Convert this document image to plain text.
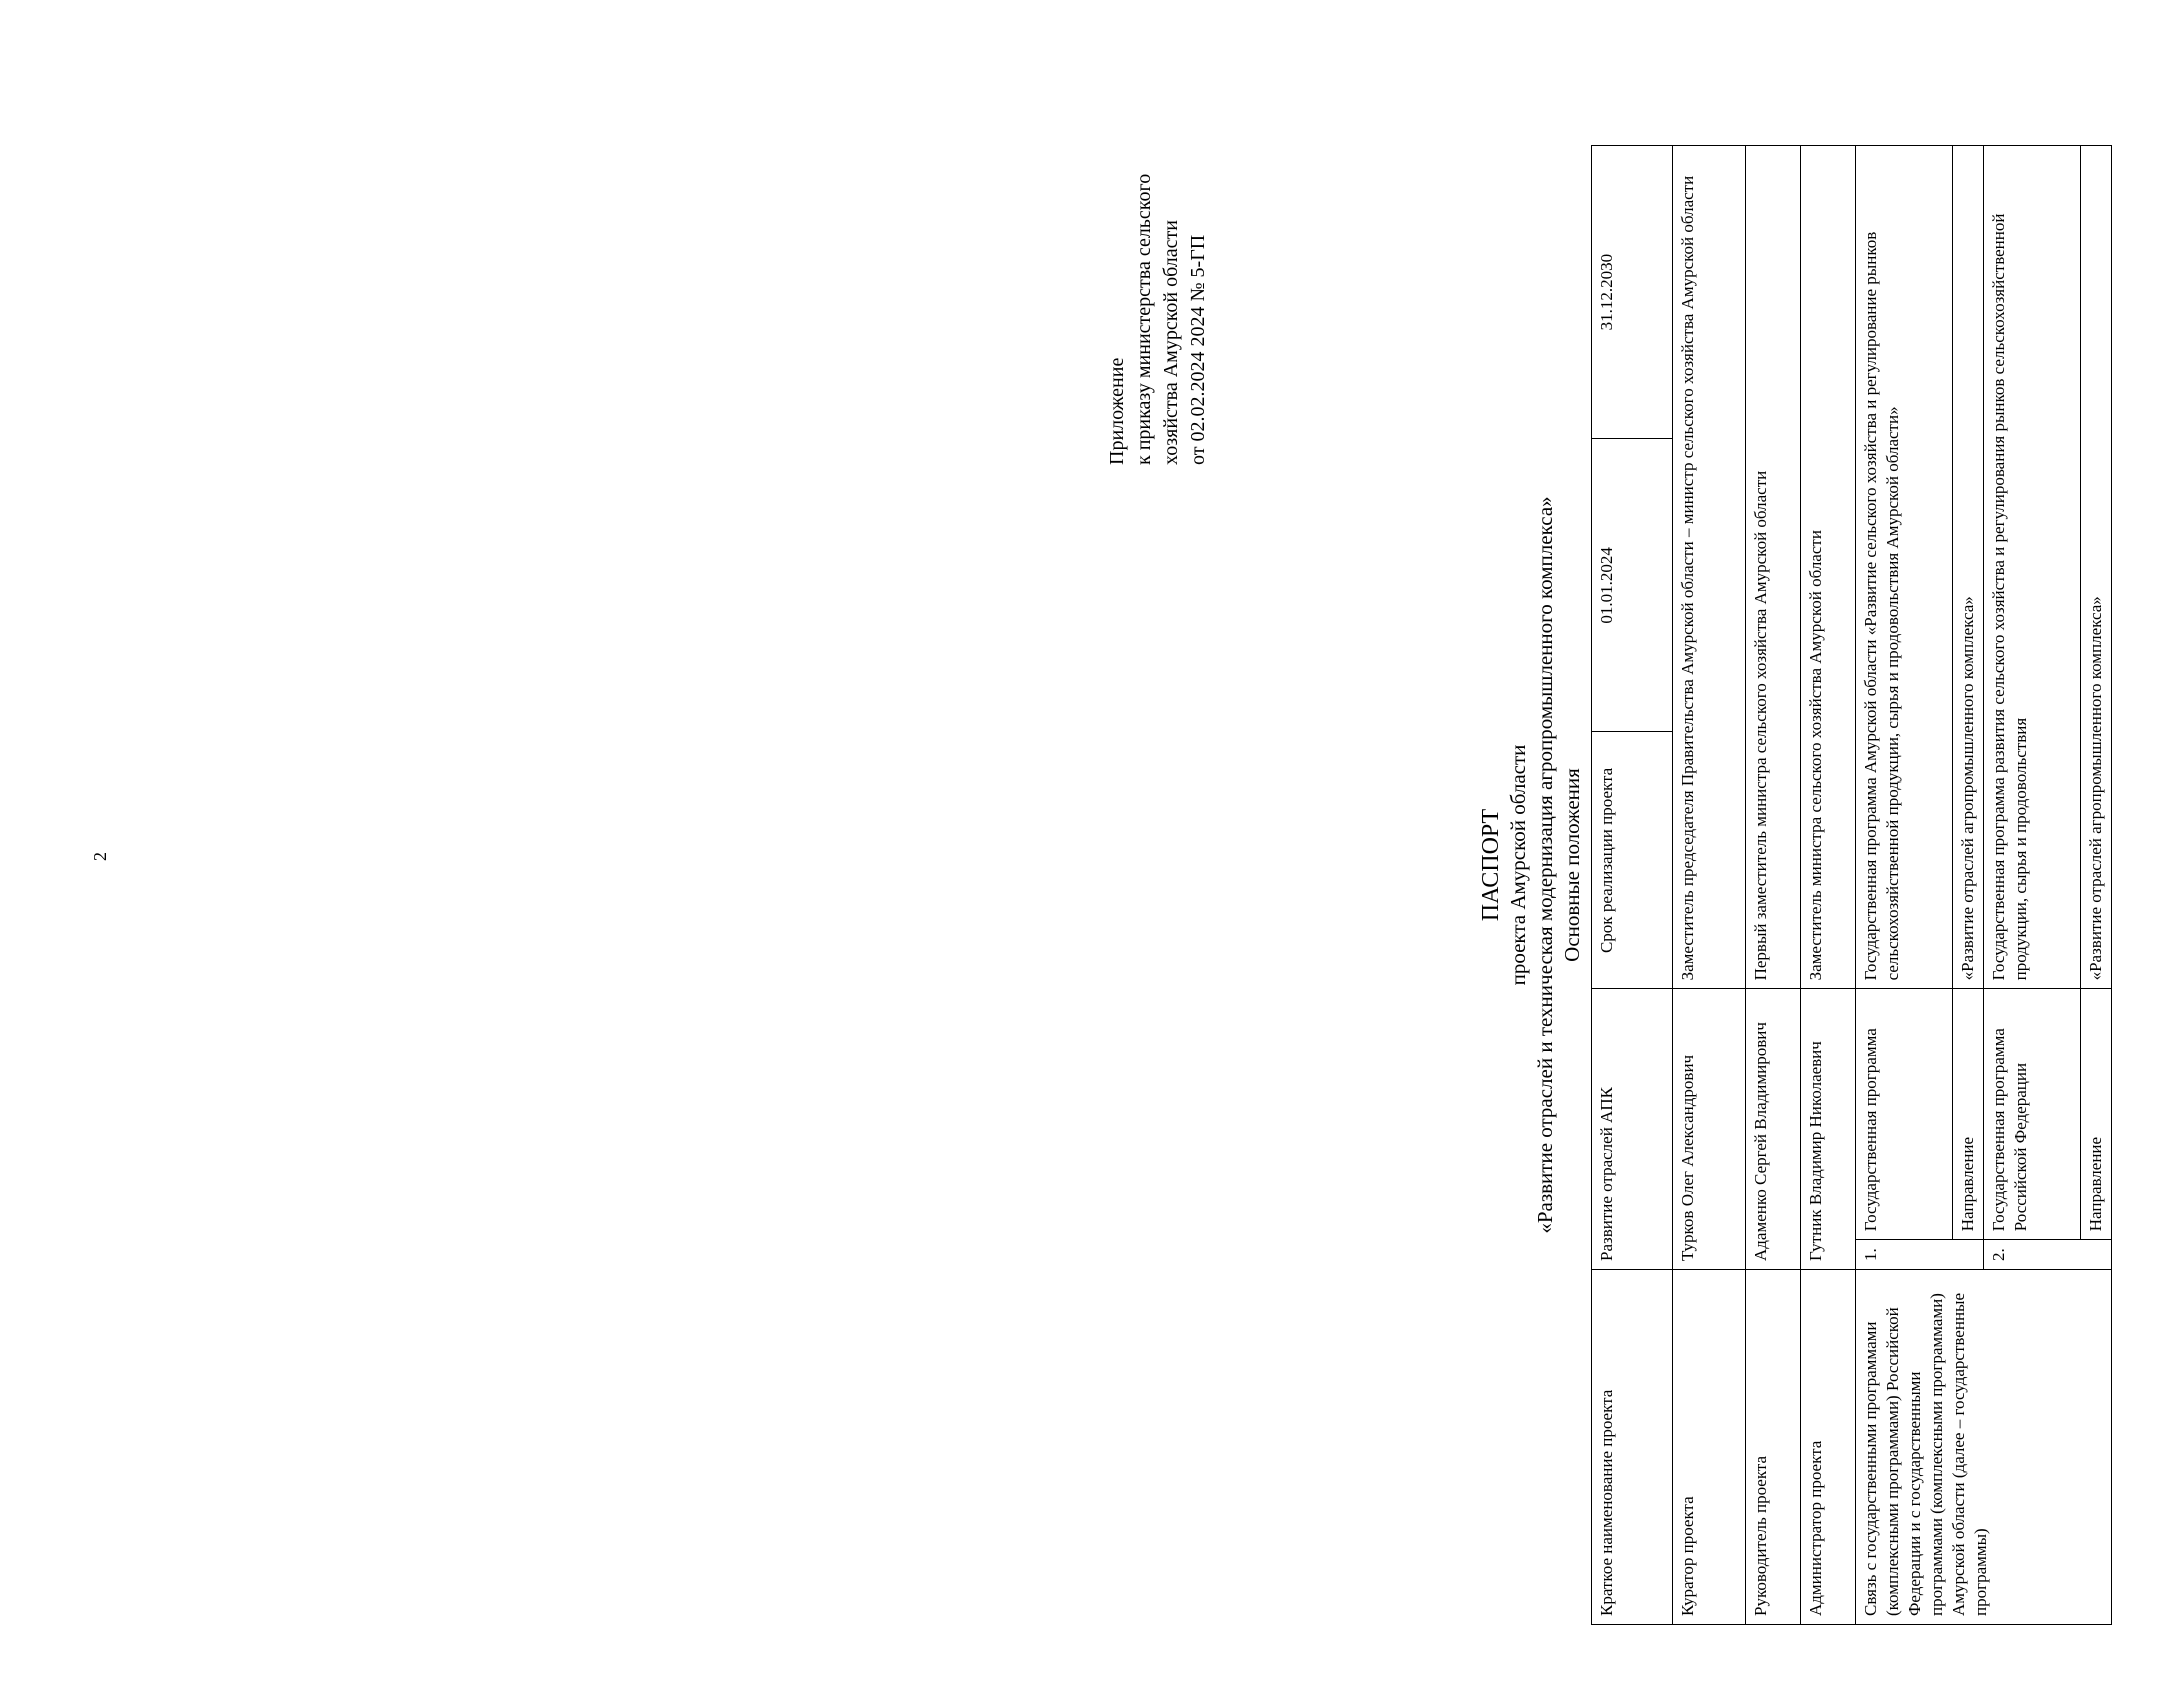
2
Приложение к приказу министерства сельского хозяйства Амурской области от 02.02.2024 2024 № 5-ГП
ПАСПОРТ проекта Амурской области «Развитие отраслей и техническая модернизация агропромышленного комплекса» Основные положения
Краткое наименование проекта	Развитие отраслей АПК		Срок реализации проекта	01.01.2024	31.12.2030
Куратор проекта	Турков Олег Александрович		Заместитель председателя Правительства Амурской области – министр сельского хозяйства Амурской области		
Руководитель проекта	Адаменко Сергей Владимирович		Первый заместитель министра сельского хозяйства Амурской области		
Администратор проекта	Гутник Владимир Николаевич		Заместитель министра сельского хозяйства Амурской области		
Связь с государственными программами (комплексными программами) Российской Федерации и с государственными программами (комплексными программами) Амурской области (далее – государственные программы)	1.	Государственная программа	Государственная программа Амурской области «Развитие сельского хозяйства и регулирование рынков сельскохозяйственной продукции, сырья и продовольствия Амурской области»		
		Направление	«Развитие отраслей агропромышленного комплекса»		
	2.	Государственная программа Российской Федерации	Государственная программа развития сельского хозяйства и регулирования рынков сельскохозяйственной продукции, сырья и продовольствия		
		Направление	«Развитие отраслей агропромышленного комплекса»		
